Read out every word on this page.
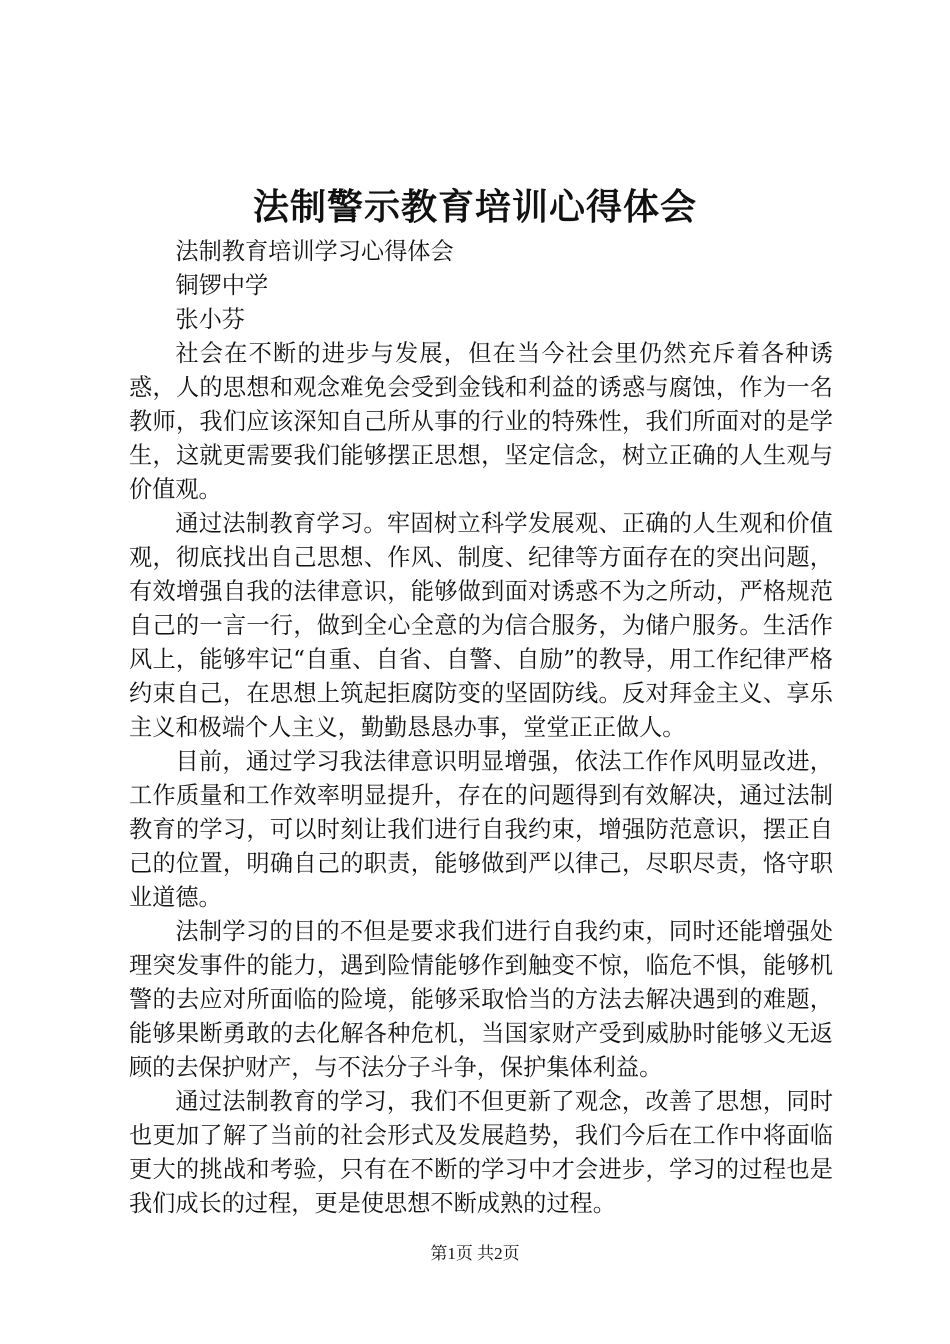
法制警示教育培训心得体会

法制教育培训学习心得体会

铜锣中学

张小芬

社会在不断的进步与发展，但在当今社会里仍然充斥着各种诱惑，人的思想和观念难免会受到金钱和利益的诱惑与腐蚀，作为一名教师，我们应该深知自己所从事的行业的特殊性，我们所面对的是学生，这就更需要我们能够摆正思想，坚定信念，树立正确的人生观与价值观。

通过法制教育学习。牢固树立科学发展观、正确的人生观和价值观，彻底找出自己思想、作风、制度、纪律等方面存在的突出问题，有效增强自我的法律意识，能够做到面对诱惑不为之所动，严格规范自己的一言一行，做到全心全意的为信合服务，为储户服务。生活作风上，能够牢记“自重、自省、自警、自励”的教导，用工作纪律严格约束自己，在思想上筑起拒腐防变的坚固防线。反对拜金主义、享乐主义和极端个人主义，勤勤恳恳办事，堂堂正正做人。

目前，通过学习我法律意识明显增强，依法工作作风明显改进，工作质量和工作效率明显提升，存在的问题得到有效解决，通过法制教育的学习，可以时刻让我们进行自我约束，增强防范意识，摆正自己的位置，明确自己的职责，能够做到严以律己，尽职尽责，恪守职业道德。

法制学习的目的不但是要求我们进行自我约束，同时还能增强处理突发事件的能力，遇到险情能够作到触变不惊，临危不惧，能够机警的去应对所面临的险境，能够采取恰当的方法去解决遇到的难题，能够果断勇敢的去化解各种危机，当国家财产受到威胁时能够义无返顾的去保护财产，与不法分子斗争，保护集体利益。

通过法制教育的学习，我们不但更新了观念，改善了思想，同时也更加了解了当前的社会形式及发展趋势，我们今后在工作中将面临更大的挑战和考验，只有在不断的学习中才会进步，学习的过程也是我们成长的过程，更是使思想不断成熟的过程。

第1页 共2页
